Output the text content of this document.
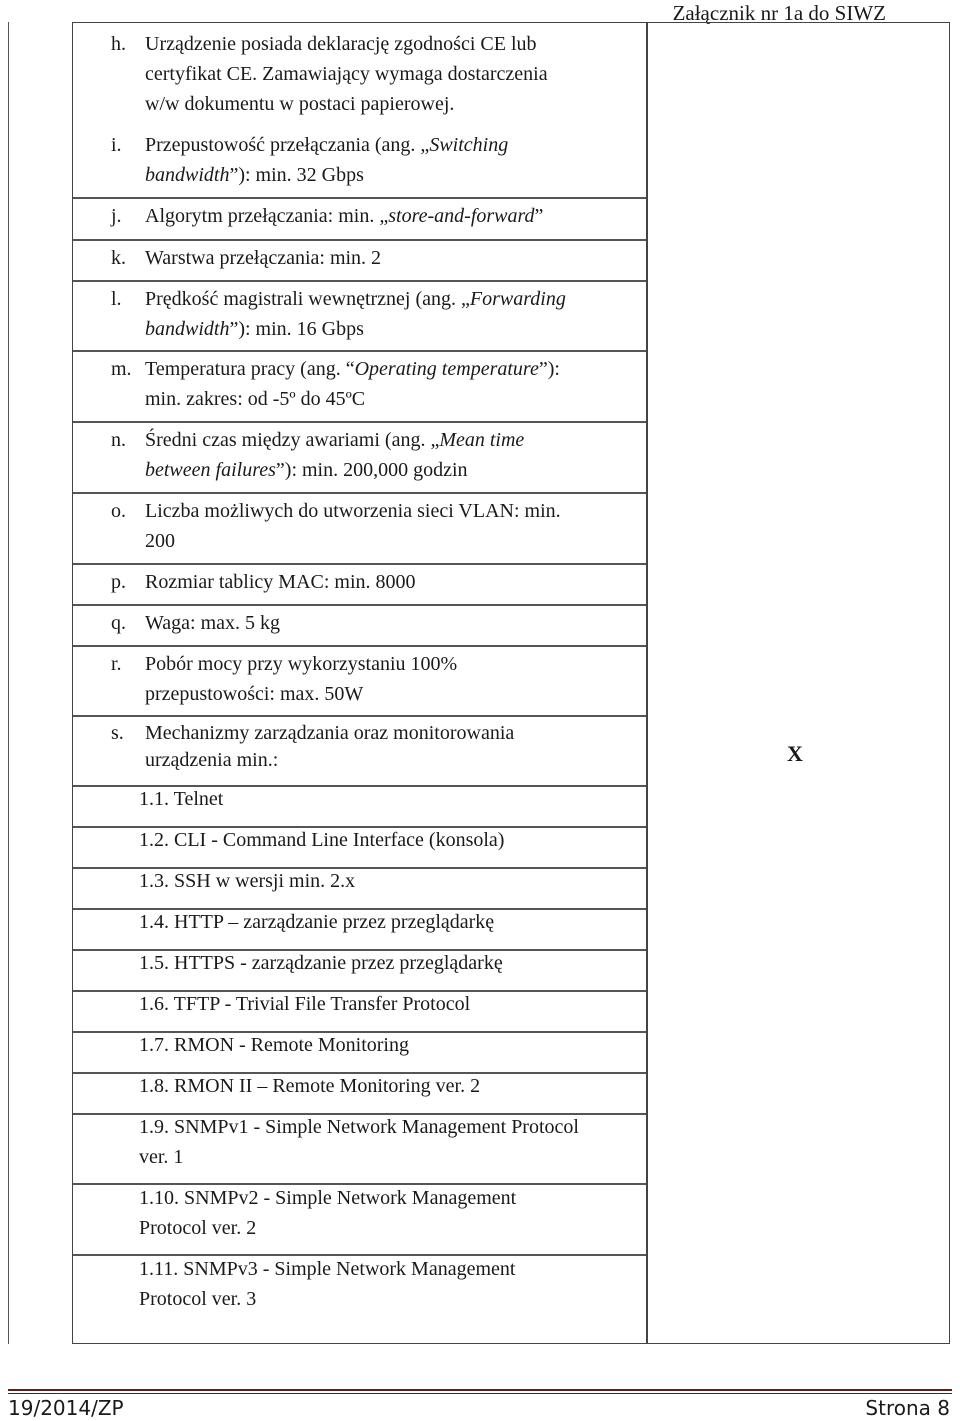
Załącznik nr 1a do SIWZ
h. Urządzenie posiada deklarację zgodności CE lub
certyfikat CE. Zamawiający wymaga dostarczenia
w/w dokumentu w postaci papierowej.
i. Przepustowość przełączania (ang. „Switching
bandwidth”): min. 32 Gbps
j. Algorytm przełączania: min. „store-and-forward”
k. Warstwa przełączania: min. 2
l. Prędkość magistrali wewnętrznej (ang. „Forwarding
bandwidth”): min. 16 Gbps
m. Temperatura pracy (ang. “Operating temperature”):
min. zakres: od -5º do 45ºC
n. Średni czas między awariami (ang. „Mean time
between failures”): min. 200,000 godzin
o. Liczba możliwych do utworzenia sieci VLAN: min.
200
p. Rozmiar tablicy MAC: min. 8000
q. Waga: max. 5 kg
r. Pobór mocy przy wykorzystaniu 100%
przepustowości: max. 50W
s. Mechanizmy zarządzania oraz monitorowania
urządzenia min.:	X
1.1. Telnet
1.2. CLI - Command Line Interface (konsola)
1.3. SSH w wersji min. 2.x
1.4. HTTP – zarządzanie przez przeglądarkę
1.5. HTTPS - zarządzanie przez przeglądarkę
1.6. TFTP - Trivial File Transfer Protocol
1.7. RMON - Remote Monitoring
1.8. RMON II – Remote Monitoring ver. 2
1.9. SNMPv1 - Simple Network Management Protocol
ver. 1
1.10. SNMPv2 - Simple Network Management
Protocol ver. 2
1.11. SNMPv3 - Simple Network Management
Protocol ver. 3
19/2014/ZP	Strona 8
